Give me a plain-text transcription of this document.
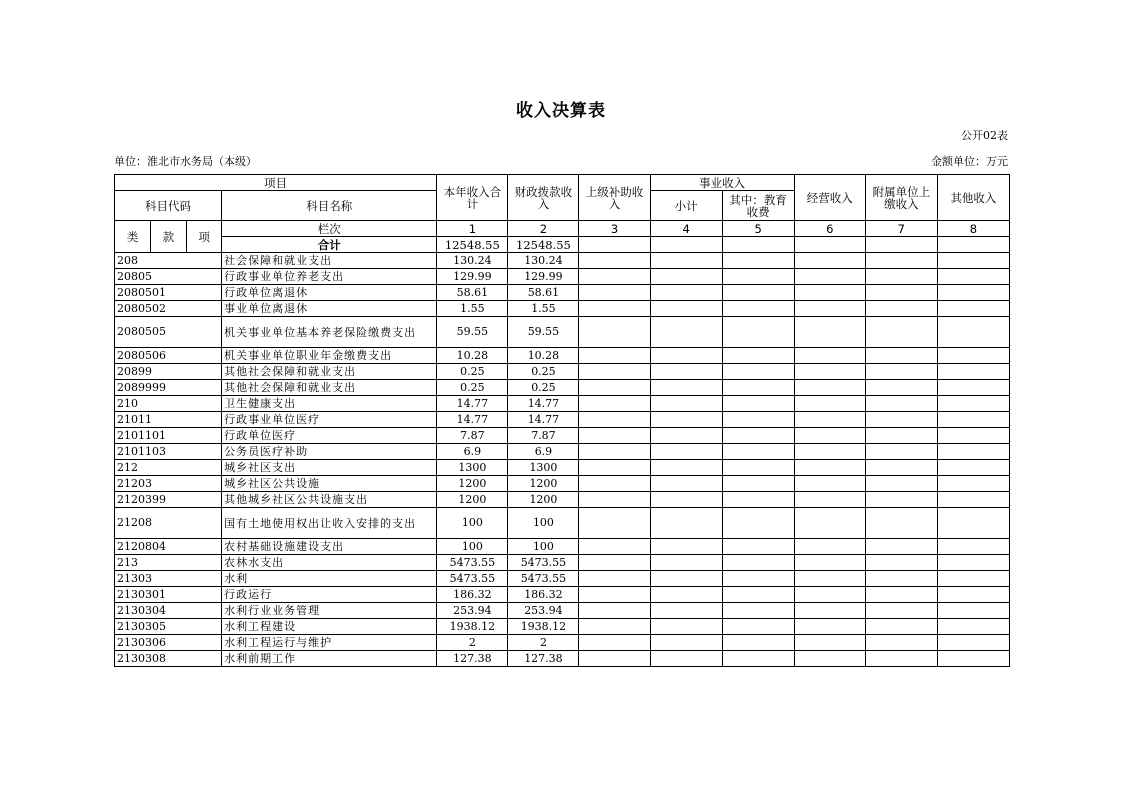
收入决算表
公开02表
单位：淮北市水务局（本级）	金额单位：万元
项目				本年收入合计	财政拨款收入	上级补助收入	事业收入		经营收入	附属单位上缴收入	其他收入
科目代码			科目名称				小计	其中：教育收费			
类	款	项	栏次	1	2	3	4	5	6	7	8
			合计	12548.55	12548.55						
208			社会保障和就业支出	130.24	130.24						
20805			行政事业单位养老支出	129.99	129.99						
2080501			行政单位离退休	58.61	58.61						
2080502			事业单位离退休	1.55	1.55						
2080505			机关事业单位基本养老保险缴费支出	59.55	59.55						
2080506			机关事业单位职业年金缴费支出	10.28	10.28						
20899			其他社会保障和就业支出	0.25	0.25						
2089999			其他社会保障和就业支出	0.25	0.25						
210			卫生健康支出	14.77	14.77						
21011			行政事业单位医疗	14.77	14.77						
2101101			行政单位医疗	7.87	7.87						
2101103			公务员医疗补助	6.9	6.9						
212			城乡社区支出	1300	1300						
21203			城乡社区公共设施	1200	1200						
2120399			其他城乡社区公共设施支出	1200	1200						
21208			国有土地使用权出让收入安排的支出	100	100						
2120804			农村基础设施建设支出	100	100						
213			农林水支出	5473.55	5473.55						
21303			水利	5473.55	5473.55						
2130301			行政运行	186.32	186.32						
2130304			水利行业业务管理	253.94	253.94						
2130305			水利工程建设	1938.12	1938.12						
2130306			水利工程运行与维护	2	2						
2130308			水利前期工作	127.38	127.38						
